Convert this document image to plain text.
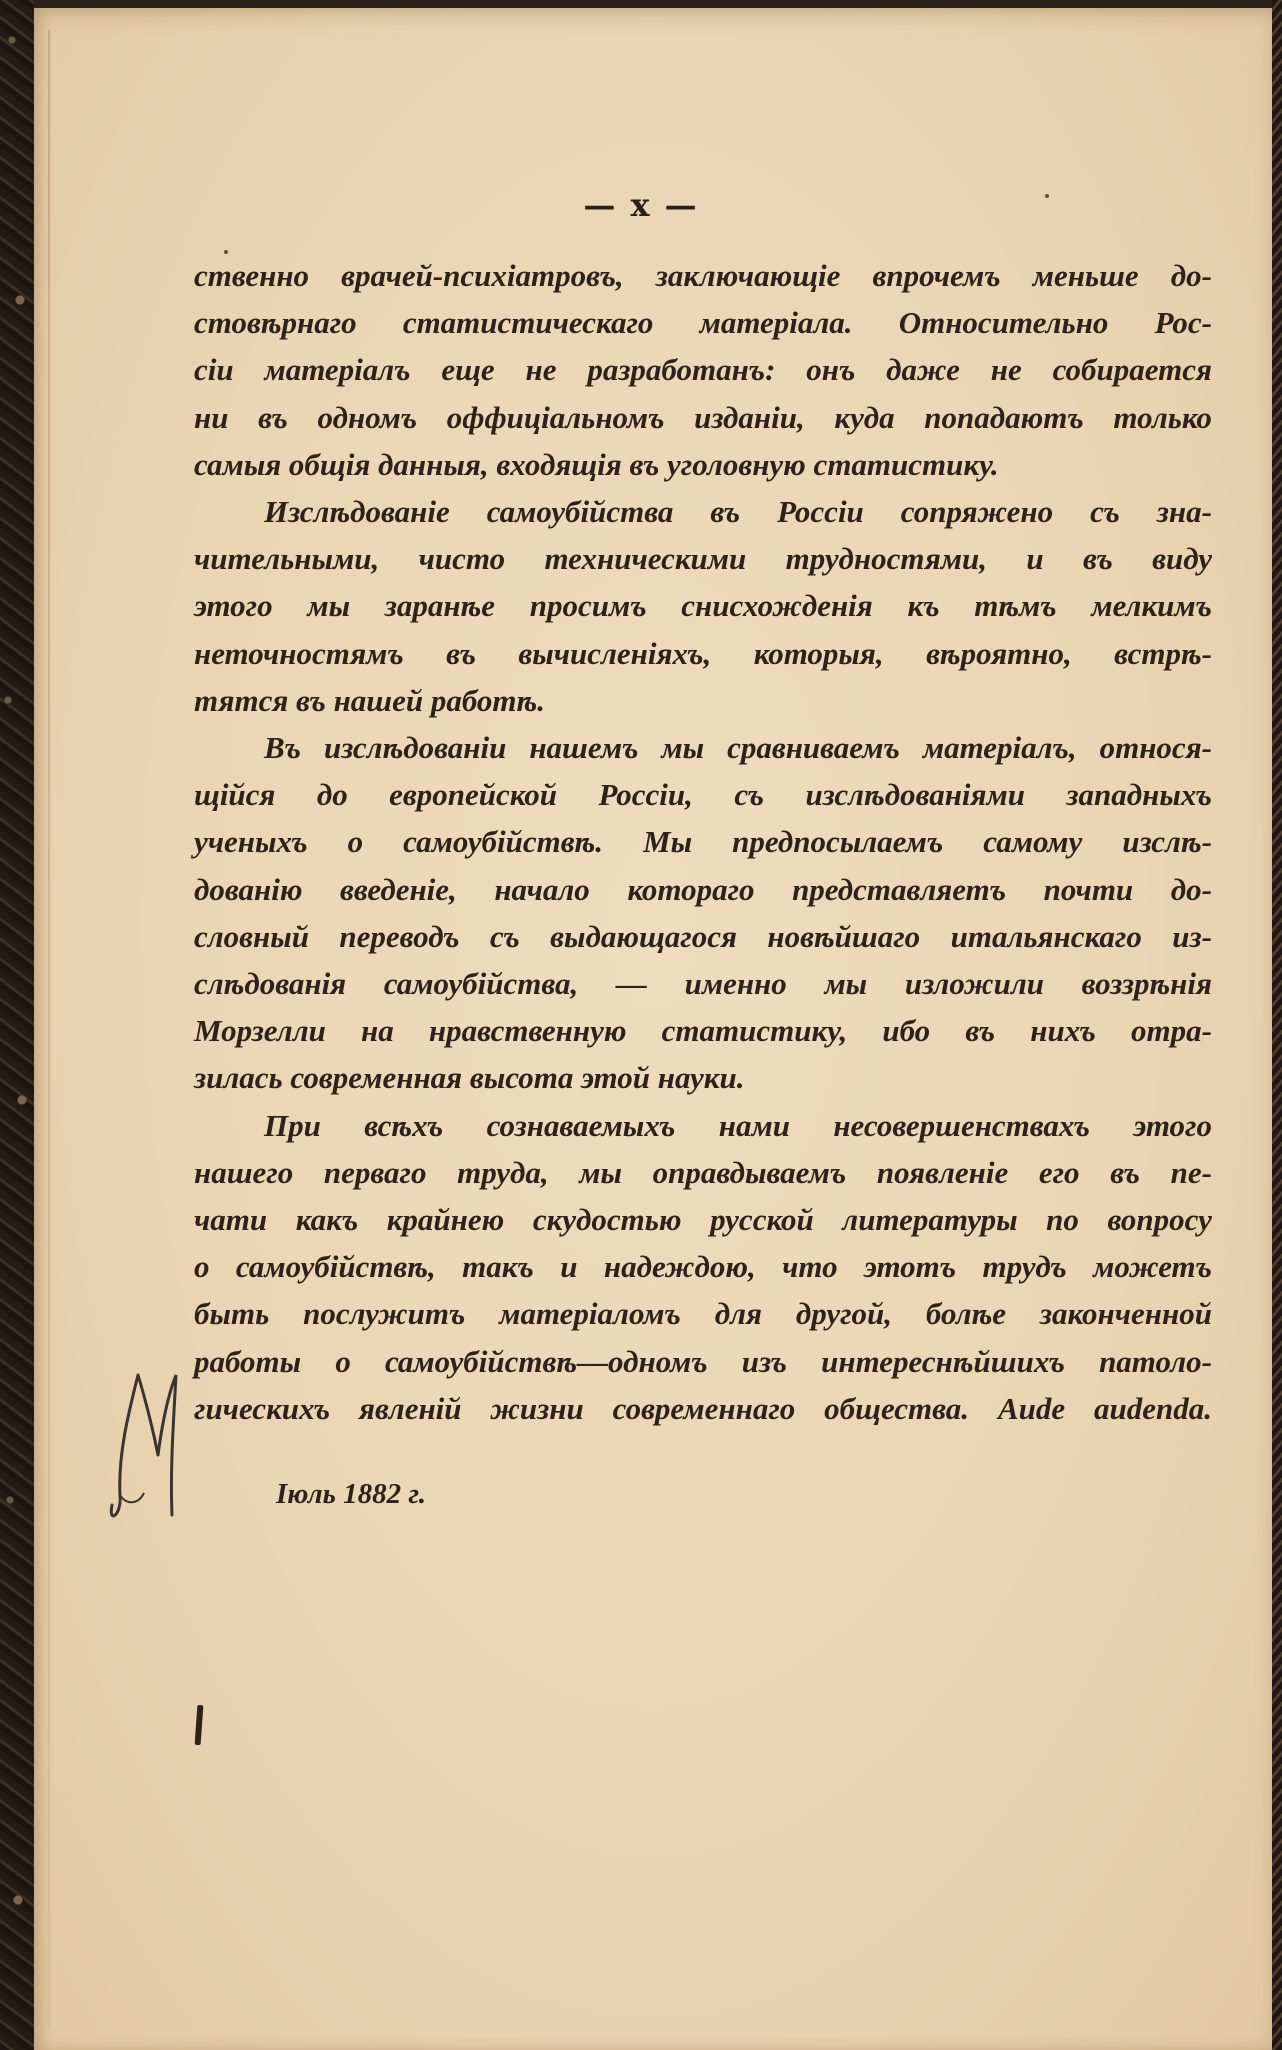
— x —
ственно врачей-психіатровъ, заключающіе впрочемъ меньше до-
стовѣрнаго статистическаго матеріала. Относительно Рос-
сіи матеріалъ еще не разработанъ: онъ даже не собирается
ни въ одномъ оффиціальномъ изданіи, куда попадаютъ только
самыя общія данныя, входящія въ уголовную статистику.
Изслѣдованіе самоубійства въ Россіи сопряжено съ зна-
чительными, чисто техническими трудностями, и въ виду
этого мы заранѣе просимъ снисхожденія къ тѣмъ мелкимъ
неточностямъ въ вычисленіяхъ, которыя, вѣроятно, встрѣ-
тятся въ нашей работѣ.
Въ изслѣдованіи нашемъ мы сравниваемъ матеріалъ, относя-
щійся до европейской Россіи, съ изслѣдованіями западныхъ
ученыхъ о самоубійствѣ. Мы предпосылаемъ самому изслѣ-
дованію введеніе, начало котораго представляетъ почти до-
словный переводъ съ выдающагося новѣйшаго итальянскаго из-
слѣдованія самоубійства, — именно мы изложили воззрѣнія
Морзелли на нравственную статистику, ибо въ нихъ отра-
зилась современная высота этой науки.
При всѣхъ сознаваемыхъ нами несовершенствахъ этого
нашего перваго труда, мы оправдываемъ появленіе его въ пе-
чати какъ крайнею скудостью русской литературы по вопросу
о самоубійствѣ, такъ и надеждою, что этотъ трудъ можетъ
быть послужитъ матеріаломъ для другой, болѣе законченной
работы о самоубійствѣ—одномъ изъ интереснѣйшихъ патоло-
гическихъ явленій жизни современнаго общества. Aude audenda.
Іюль 1882 г.
